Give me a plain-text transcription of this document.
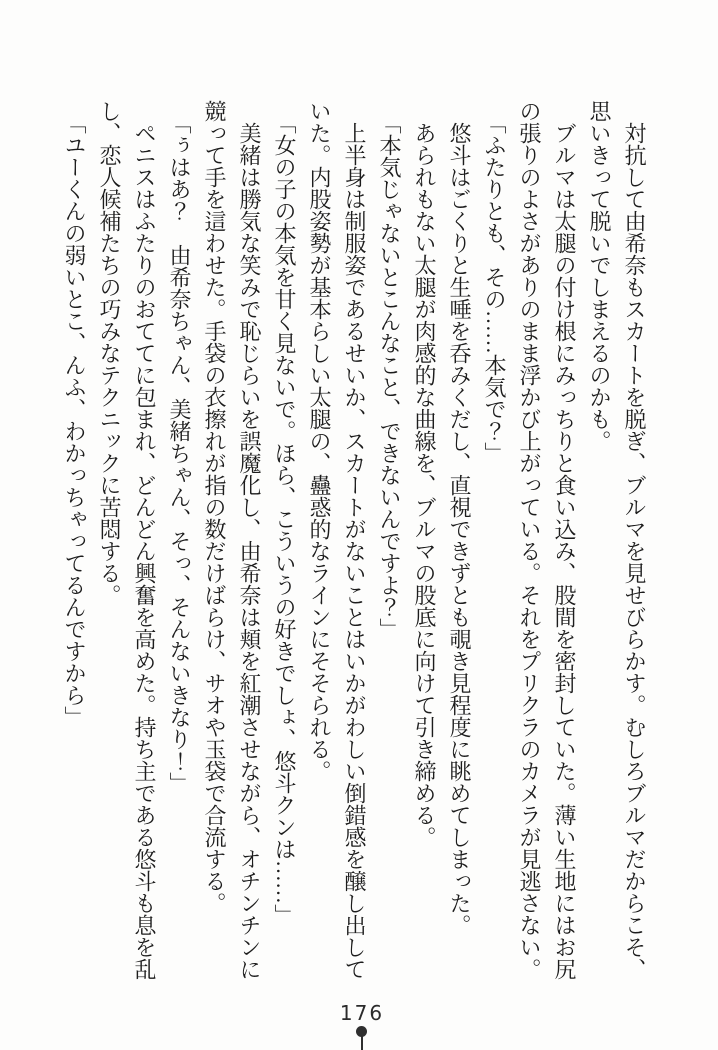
対抗して由希奈もスカートを脱ぎ、ブルマを見せびらかす。むしろブルマだからこそ、思いきって脱いでしまえるのかも。

ブルマは太腿の付け根にみっちりと食い込み、股間を密封していた。薄い生地にはお尻の張りのよさがありのまま浮かび上がっている。それをプリクラのカメラが見逃さない。

「ふたりとも、その……本気で？」

悠斗はごくりと生唾を呑みくだし、直視できずとも覗き見程度に眺めてしまった。

あられもない太腿が肉感的な曲線を、ブルマの股底に向けて引き締める。

「本気じゃないとこんなこと、できないんですよ？」

上半身は制服姿であるせいか、スカートがないことはいかがわしい倒錯感を醸し出していた。内股姿勢が基本らしい太腿の、蠱惑的なラインにそそられる。

「女の子の本気を甘く見ないで。ほら、こういうの好きでしょ、悠斗クンは……」

美緒は勝気な笑みで恥じらいを誤魔化し、由希奈は頬を紅潮させながら、オチンチンに競って手を這わせた。手袋の衣擦れが指の数だけばらけ、サオや玉袋で合流する。

「ぅはあ？　由希奈ちゃん、美緒ちゃん、そっ、そんないきなり！」

ペニスはふたりのおててに包まれ、どんどん興奮を高めた。持ち主である悠斗も息を乱し、恋人候補たちの巧みなテクニックに苦悶する。

「ユーくんの弱いとこ、んふ、わかっちゃってるんですから」

176
